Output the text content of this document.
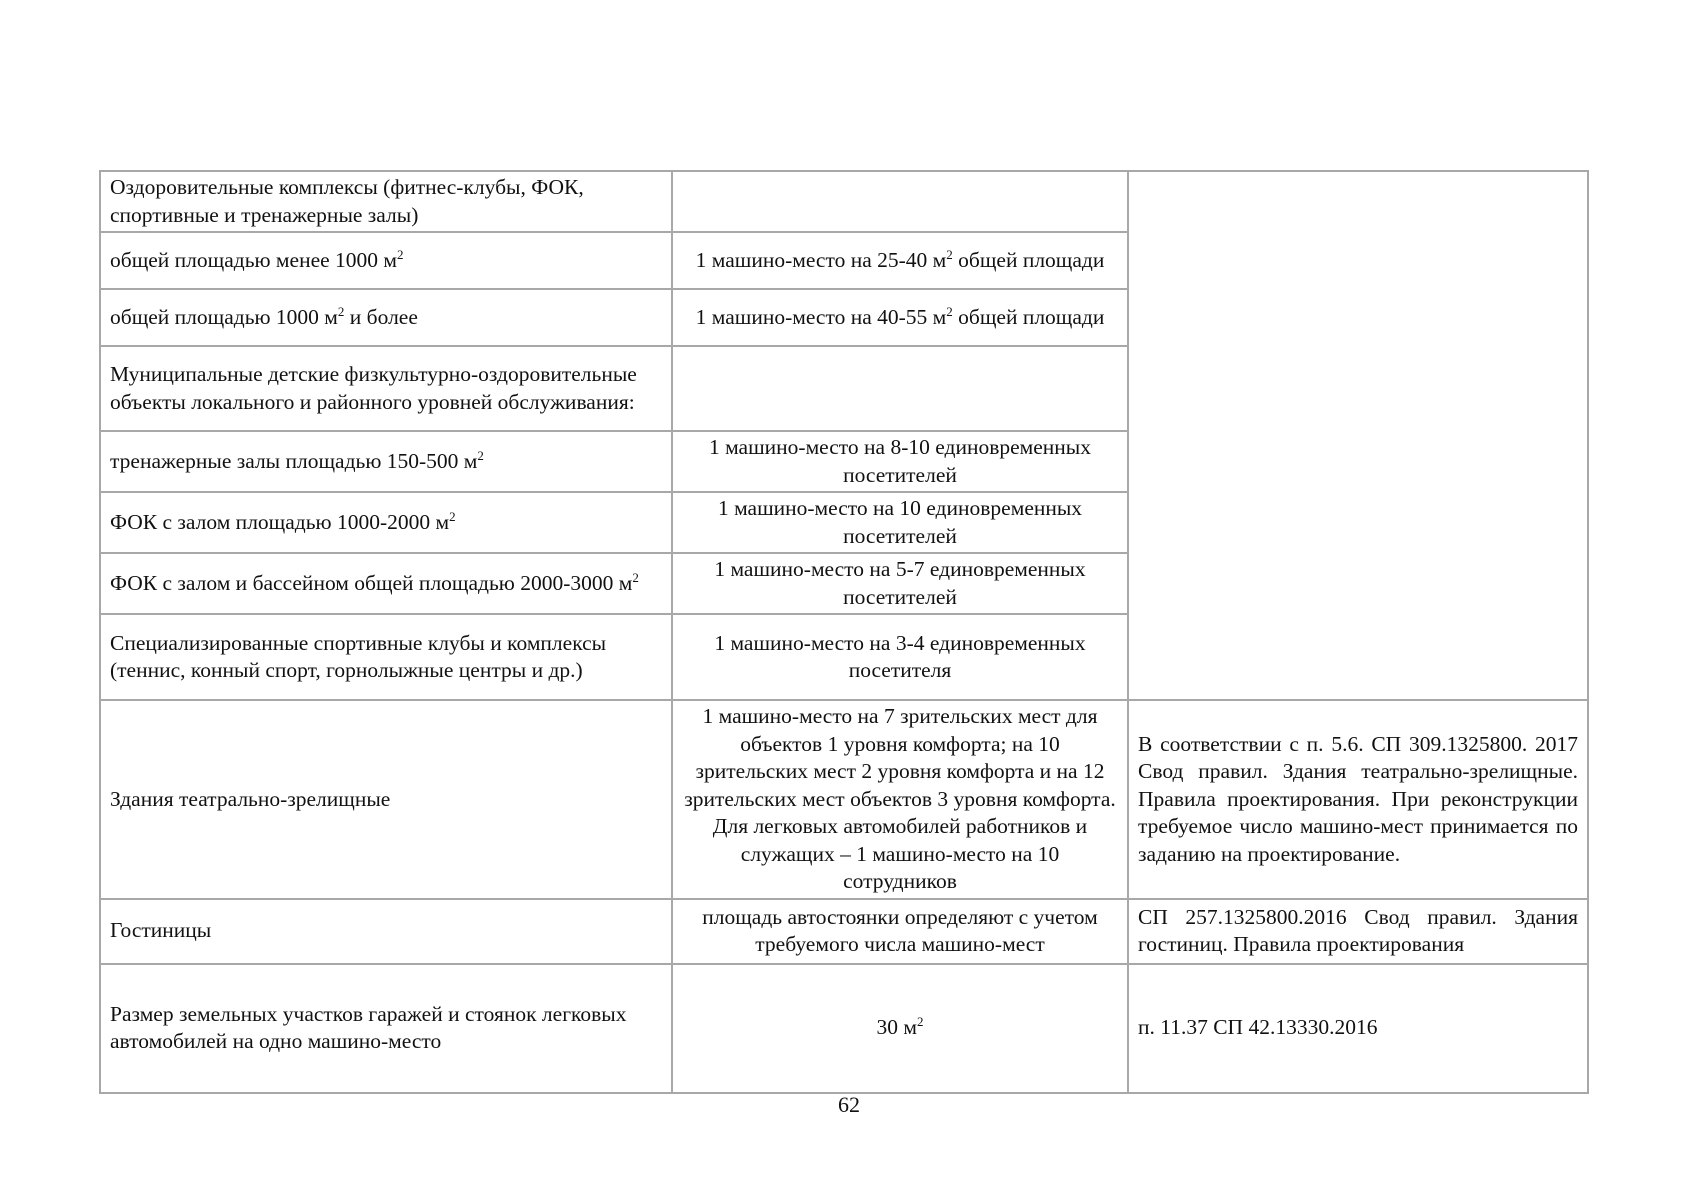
Оздоровительные комплексы (фитнес-клубы, ФОК, спортивные и тренажерные залы)		
общей площадью менее 1000 $м^2$	1 машино-место на 25-40 $м^2$ общей площади	
общей площадью 1000 $м^2$ и более	1 машино-место на 40-55 $м^2$ общей площади	
Муниципальные детские физкультурно-оздоровительные объекты локального и районного уровней обслуживания:		
тренажерные залы площадью 150-500 $м^2$	1 машино-место на 8-10 единовременных посетителей	
ФОК с залом площадью 1000-2000 $м^2$	1 машино-место на 10 единовременных посетителей	
ФОК с залом и бассейном общей площадью 2000-3000 $м^2$	1 машино-место на 5-7 единовременных посетителей	
Специализированные спортивные клубы и комплексы (теннис, конный спорт, горнолыжные центры и др.)	1 машино-место на 3-4 единовременных посетителя	
Здания театрально-зрелищные	1 машино-место на 7 зрительских мест для объектов 1 уровня комфорта; на 10 зрительских мест 2 уровня комфорта и на 12 зрительских мест объектов 3 уровня комфорта. Для легковых автомобилей работников и служащих – 1 машино-место на 10 сотрудников	В соответствии с п. 5.6. СП 309.1325800. 2017 Свод правил. Здания театрально-зрелищные. Правила проектирования. При реконструкции требуемое число машино-мест принимается по заданию на проектирование.
Гостиницы	площадь автостоянки определяют с учетом требуемого числа машино-мест	СП 257.1325800.2016 Свод правил. Здания гостиниц. Правила проектирования
Размер земельных участков гаражей и стоянок легковых автомобилей на одно машино-место	30 $м^2$	п. 11.37 СП 42.13330.2016
62
